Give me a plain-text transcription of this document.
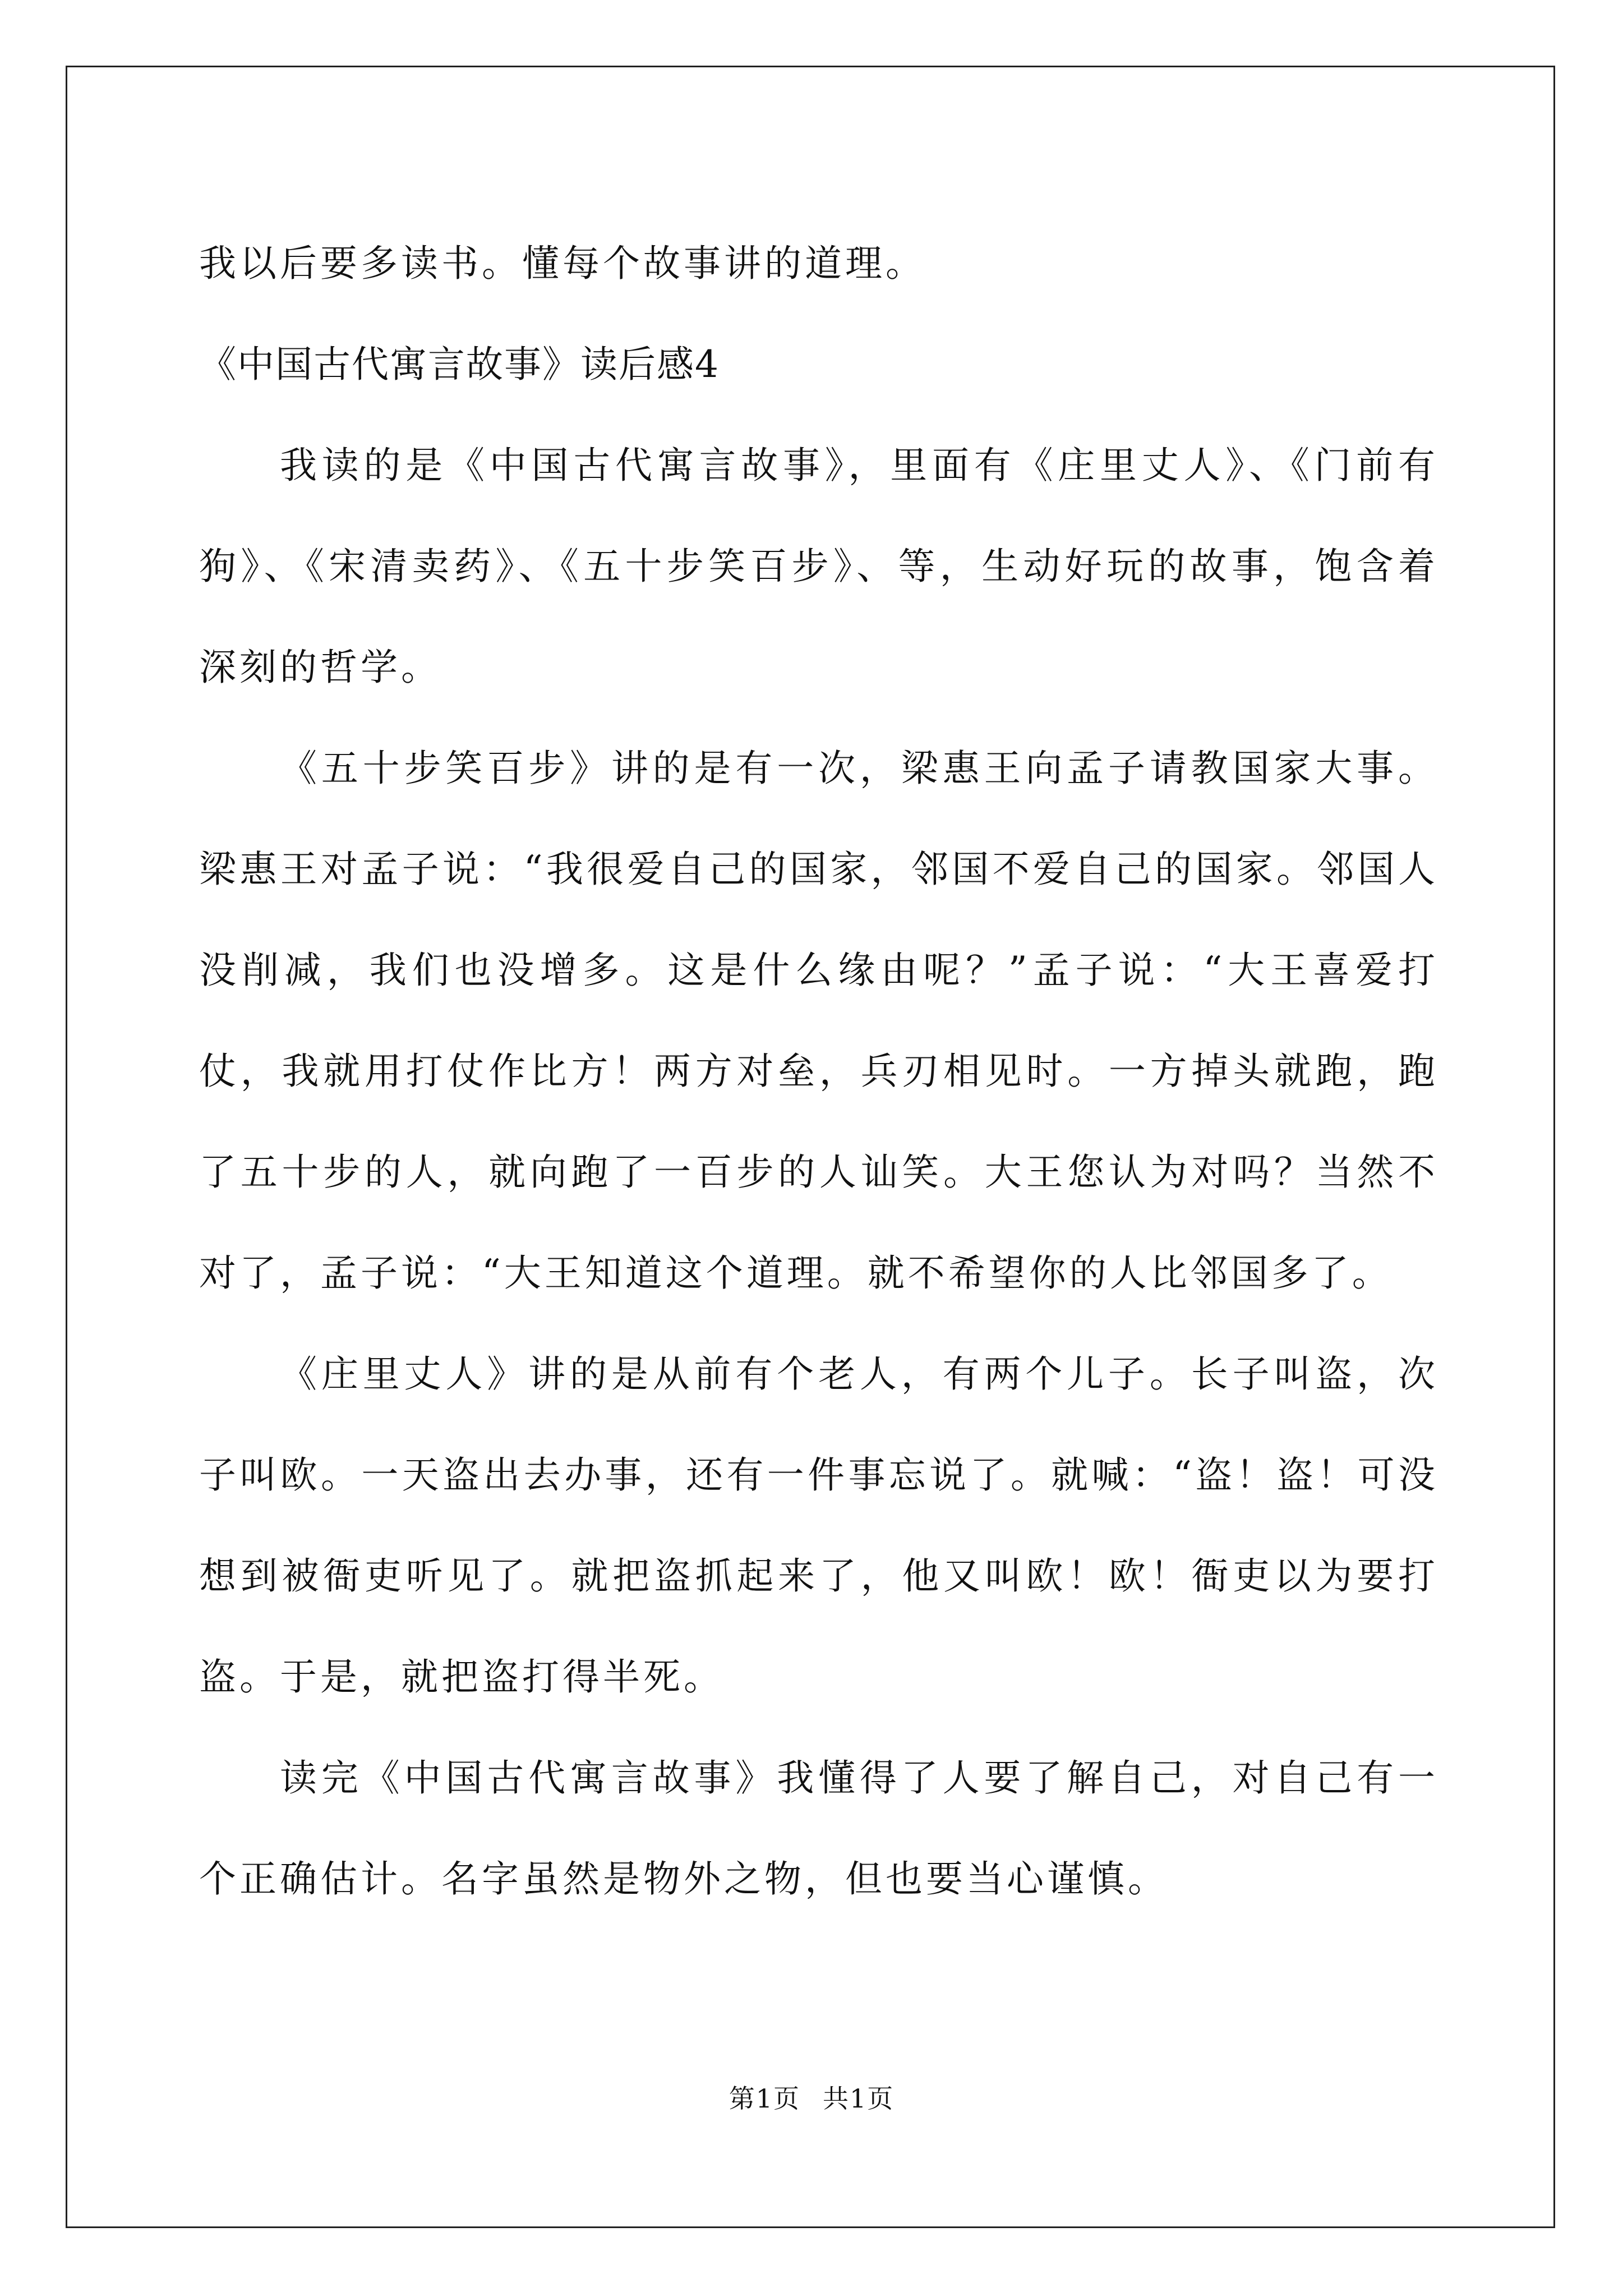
我以后要多读书。懂每个故事讲的道理。

《中国古代寓言故事》读后感4

我读的是《中国古代寓言故事》，里面有《庄里丈人》、《门前有狗》、《宋清卖药》、《五十步笑百步》、等，生动好玩的故事，饱含着深刻的哲学。

《五十步笑百步》讲的是有一次，梁惠王向孟子请教国家大事。梁惠王对孟子说：“我很爱自己的国家，邻国不爱自己的国家。邻国人没削减，我们也没增多。这是什么缘由呢？”孟子说：“大王喜爱打仗，我就用打仗作比方！两方对垒，兵刃相见时。一方掉头就跑，跑了五十步的人，就向跑了一百步的人讪笑。大王您认为对吗？当然不对了，孟子说：“大王知道这个道理。就不希望你的人比邻国多了。

《庄里丈人》讲的是从前有个老人，有两个儿子。长子叫盗，次子叫欧。一天盗出去办事，还有一件事忘说了。就喊：“盗！盗！可没想到被衙吏听见了。就把盗抓起来了，他又叫欧！欧！衙吏以为要打盗。于是，就把盗打得半死。

读完《中国古代寓言故事》我懂得了人要了解自己，对自己有一个正确估计。名字虽然是物外之物，但也要当心谨慎。

第1页 共1页
